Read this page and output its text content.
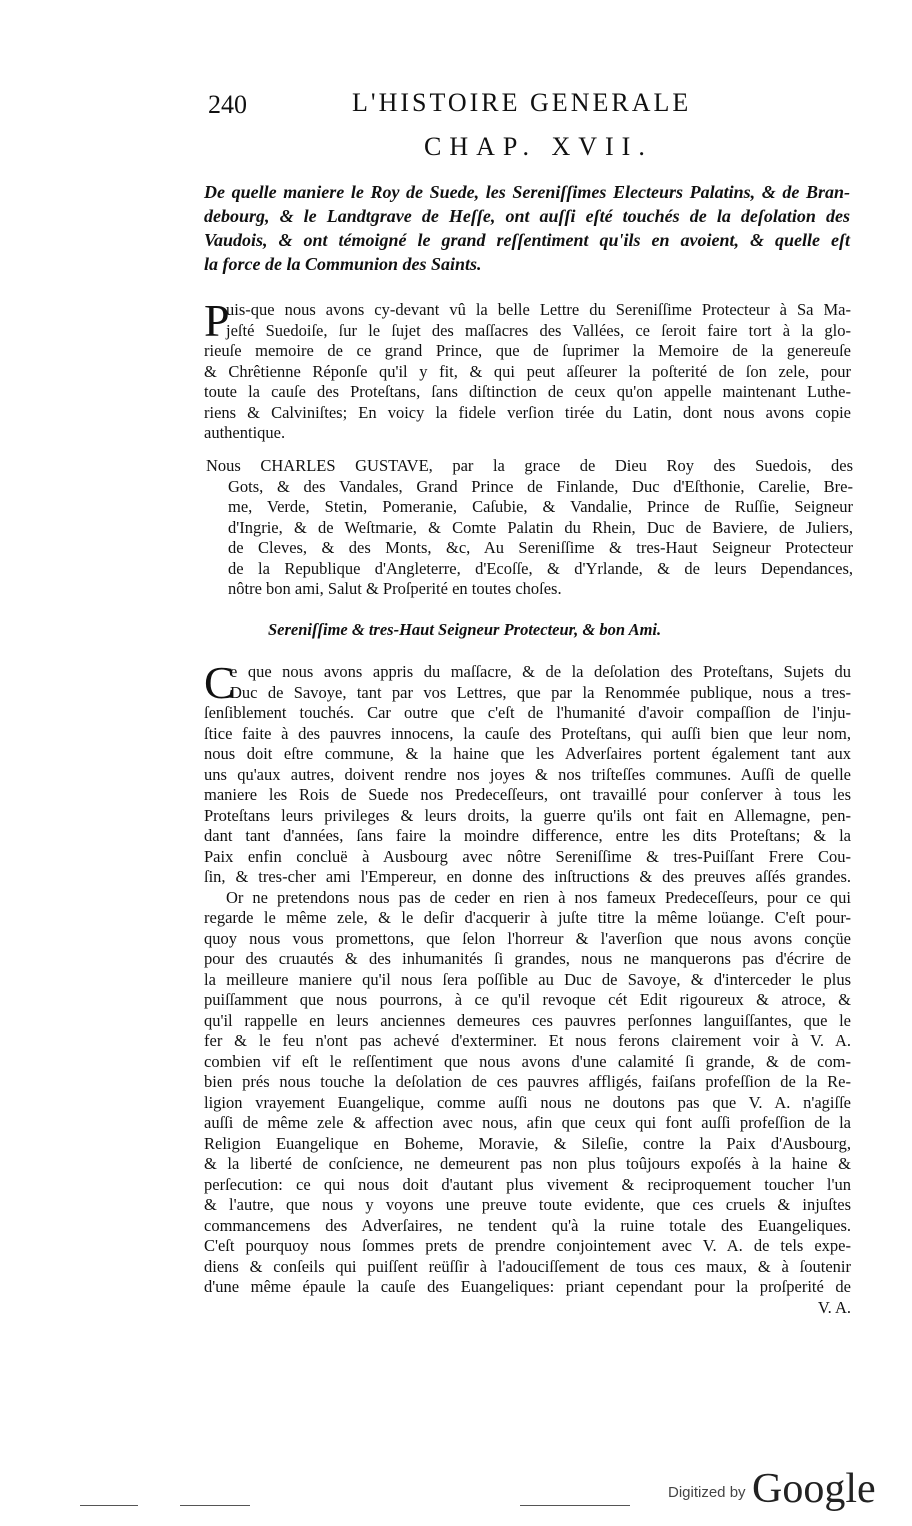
240	L'HISTOIRE GENERALE
CHAP. XVII.
De quelle maniere le Roy de Suede, les Sereniſſimes Electeurs Palatins, & de Bran-
debourg, & le Landtgrave de Heſſe, ont auſſi eſté touchés de la deſolation des
Vaudois, & ont témoigné le grand reſſentiment qu'ils en avoient, & quelle eſt
la force de la Communion des Saints.
P
uis-que nous avons cy-devant vû la belle Lettre du Sereniſſime Protecteur à Sa Ma-
jeſté Suedoiſe, ſur le ſujet des maſſacres des Vallées, ce ſeroit faire tort à la glo-
rieuſe memoire de ce grand Prince, que de ſuprimer la Memoire de la genereuſe
& Chrêtienne Réponſe qu'il y fit, & qui peut aſſeurer la poſterité de ſon zele, pour
toute la cauſe des Proteſtans, ſans diſtinction de ceux qu'on appelle maintenant Luthe-
riens & Calviniſtes; En voicy la fidele verſion tirée du Latin, dont nous avons copie
authentique.
Nous CHARLES GUSTAVE, par la grace de Dieu Roy des Suedois, des
Gots, & des Vandales, Grand Prince de Finlande, Duc d'Eſthonie, Carelie, Bre-
me, Verde, Stetin, Pomeranie, Caſubie, & Vandalie, Prince de Ruſſie, Seigneur
d'Ingrie, & de Weſtmarie, & Comte Palatin du Rhein, Duc de Baviere, de Juliers,
de Cleves, & des Monts, &c, Au Sereniſſime & tres-Haut Seigneur Protecteur
de la Republique d'Angleterre, d'Ecoſſe, & d'Yrlande, & de leurs Dependances,
nôtre bon ami, Salut & Proſperité en toutes choſes.
Sereniſſime & tres-Haut Seigneur Protecteur, & bon Ami.
C
e que nous avons appris du maſſacre, & de la deſolation des Proteſtans, Sujets du
Duc de Savoye, tant par vos Lettres, que par la Renommée publique, nous a tres-
ſenſiblement touchés. Car outre que c'eſt de l'humanité d'avoir compaſſion de l'inju-
ſtice faite à des pauvres innocens, la cauſe des Proteſtans, qui auſſi bien que leur nom,
nous doit eſtre commune, & la haine que les Adverſaires portent également tant aux
uns qu'aux autres, doivent rendre nos joyes & nos triſteſſes communes. Auſſi de quelle
maniere les Rois de Suede nos Predeceſſeurs, ont travaillé pour conſerver à tous les
Proteſtans leurs privileges & leurs droits, la guerre qu'ils ont fait en Allemagne, pen-
dant tant d'années, ſans faire la moindre difference, entre les dits Proteſtans; & la
Paix enfin concluë à Ausbourg avec nôtre Sereniſſime & tres-Puiſſant Frere Cou-
ſin, & tres-cher ami l'Empereur, en donne des inſtructions & des preuves aſſés grandes.
Or ne pretendons nous pas de ceder en rien à nos fameux Predeceſſeurs, pour ce qui
regarde le même zele, & le deſir d'acquerir à juſte titre la même loüange. C'eſt pour-
quoy nous vous promettons, que ſelon l'horreur & l'averſion que nous avons conçüe
pour des cruautés & des inhumanités ſi grandes, nous ne manquerons pas d'écrire de
la meilleure maniere qu'il nous ſera poſſible au Duc de Savoye, & d'interceder le plus
puiſſamment que nous pourrons, à ce qu'il revoque cét Edit rigoureux & atroce, &
qu'il rappelle en leurs anciennes demeures ces pauvres perſonnes languiſſantes, que le
fer & le feu n'ont pas achevé d'exterminer. Et nous ferons clairement voir à V. A.
combien vif eſt le reſſentiment que nous avons d'une calamité ſi grande, & de com-
bien prés nous touche la deſolation de ces pauvres affligés, faiſans profeſſion de la Re-
ligion vrayement Euangelique, comme auſſi nous ne doutons pas que V. A. n'agiſſe
auſſi de même zele & affection avec nous, afin que ceux qui font auſſi profeſſion de la
Religion Euangelique en Boheme, Moravie, & Sileſie, contre la Paix d'Ausbourg,
& la liberté de conſcience, ne demeurent pas non plus toûjours expoſés à la haine &
perſecution: ce qui nous doit d'autant plus vivement & reciproquement toucher l'un
& l'autre, que nous y voyons une preuve toute evidente, que ces cruels & injuſtes
commancemens des Adverſaires, ne tendent qu'à la ruine totale des Euangeliques.
C'eſt pourquoy nous ſommes prets de prendre conjointement avec V. A. de tels expe-
diens & conſeils qui puiſſent reüſſir à l'adouciſſement de tous ces maux, & à ſoutenir
d'une même épaule la cauſe des Euangeliques: priant cependant pour la proſperité de
V. A.
Digitized by Google
